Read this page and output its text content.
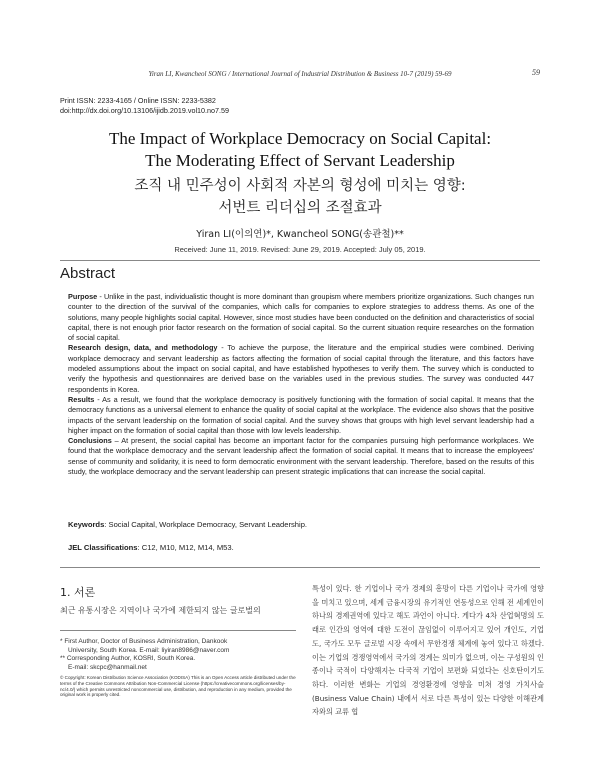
Yiran LI, Kwancheol SONG / International Journal of Industrial Distribution & Business 10-7 (2019) 59-69	59
Print ISSN: 2233-4165 / Online ISSN: 2233-5382
doi:http://dx.doi.org/10.13106/ijidb.2019.vol10.no7.59
The Impact of Workplace Democracy on Social Capital:
The Moderating Effect of Servant Leadership
조직 내 민주성이 사회적 자본의 형성에 미치는 영향:
서번트 리더십의 조절효과
Yiran LI(이의연)*, Kwancheol SONG(송관철)**
Received: June 11, 2019. Revised: June 29, 2019. Accepted: July 05, 2019.
Abstract

Purpose - Unlike in the past, individualistic thought is more dominant than groupism where members prioritize organizations. Such changes run counter to the direction of the survival of the companies, which calls for companies to explore strategies to address thems. As one of the solutions, many people highlights social capital. However, since most studies have been conducted on the definition and characteristics of social capital, there is not enough prior factor research on the formation of social capital. So the current situation require researches on the formation of social capital.

Research design, data, and methodology - To achieve the purpose, the literature and the empirical studies were combined. Deriving workplace democracy and servant leadership as factors affecting the formation of social capital through the literature, and this factors have modeled assumptions about the impact on social capital, and have established hypotheses to verify them. The survey which is conducted to verify the hypothesis and questionnaires are derived base on the variables used in the previous studies. The survey was conducted 447 respondents in Korea.

Results - As a result, we found that the workplace democracy is positively functioning with the formation of social capital. It means that the democracy functions as a universal element to enhance the quality of social capital at the workplace. The evidence also shows that the positive impacts of the servant leadership on the formation of social capital. And the survey shows that groups with high level servant leadership had a higher impact on the formation of social capital than those with low levels leadership.

Conclusions – At present, the social capital has become an important factor for the companies pursuing high performance workplaces. We found that the workplace democracy and the servant leadership affect the formation of social capital. It means that to increase the employees' sense of community and solidarity, it is need to form democratic environment with the servant leadership. Therefore, based on the results of this study, the workplace democracy and the servant leadership can present strategic implications that can increase the social capital.

Keywords: Social Capital, Workplace Democracy, Servant Leadership.
JEL Classifications: C12, M10, M12, M14, M53.
1. 서론
최근 유통시장은 지역이나 국가에 제한되지 않는 글로벌의

* First Author, Doctor of Business Administration, Dankook

University, South Korea. E-mail: liyiran8986@naver.com

** Corresponding Author, KOSRI, South Korea.

E-mail: skcpc@hanmail.net

© Copyright: Korean Distribution Science Association (KODISA) This is an Open Access article distributed under the terms of the Creative Commons Attribution Non-Commercial License (https://creativecommons.org/licenses/by-nc/4.0/) which permits unrestricted noncommercial use, distribution, and reproduction in any medium, provided the original work is properly cited.

특성이 있다. 한 기업이나 국가 경제의 흥망이 다른 기업이나 국가에 영향을 미치고 있으며, 세계 금융시장의 유기적인 연동성으로 인해 전 세계인이 하나의 경제권역에 있다고 해도 과언이 아니다. 게다가 4차 산업혁명의 도래로 인간의 영역에 대한 도전이 끊임없이 이루어지고 있어 개인도, 기업도, 국가도 모두 글로벌 시장 속에서 무한경쟁 체계에 놓여 있다고 하겠다. 이는 기업의 경쟁영역에서 국가의 경계는 의미가 없으며, 이는 구성원의 인종이나 국적이 다양해지는 다국적 기업이 보편화 되었다는 신호탄이기도 하다. 이러한 변화는 기업의 경영환경에 영향을 미쳐 경영 가치사슬(Business Value Chain) 내에서 서로 다른 특성이 있는 다양한 이해관계자와의 교류 협
